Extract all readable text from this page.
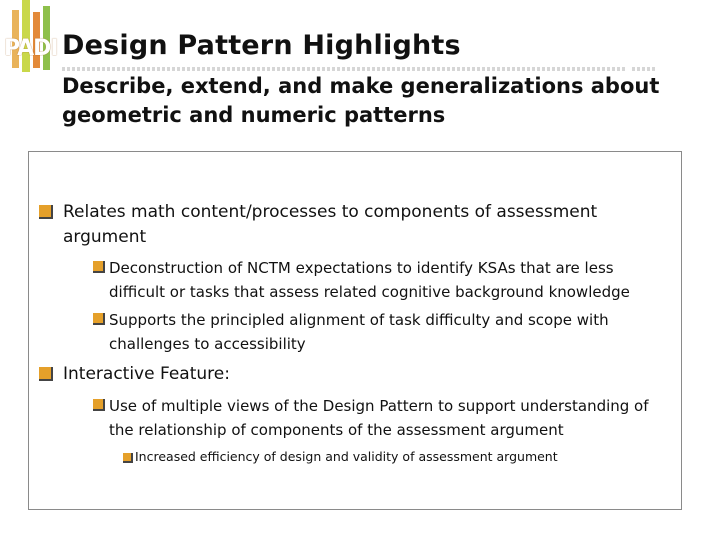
PADI Design Pattern Highlights
Describe, extend, and make generalizations about geometric and numeric patterns
Relates math content/processes to components of assessment argument
Deconstruction of NCTM expectations to identify KSAs that are less difficult or tasks that assess related cognitive background knowledge
Supports the principled alignment of task difficulty and scope with challenges to accessibility
Interactive Feature:
Use of multiple views of the Design Pattern to support understanding of the relationship of components of the assessment argument
Increased efficiency of design and validity of assessment argument
